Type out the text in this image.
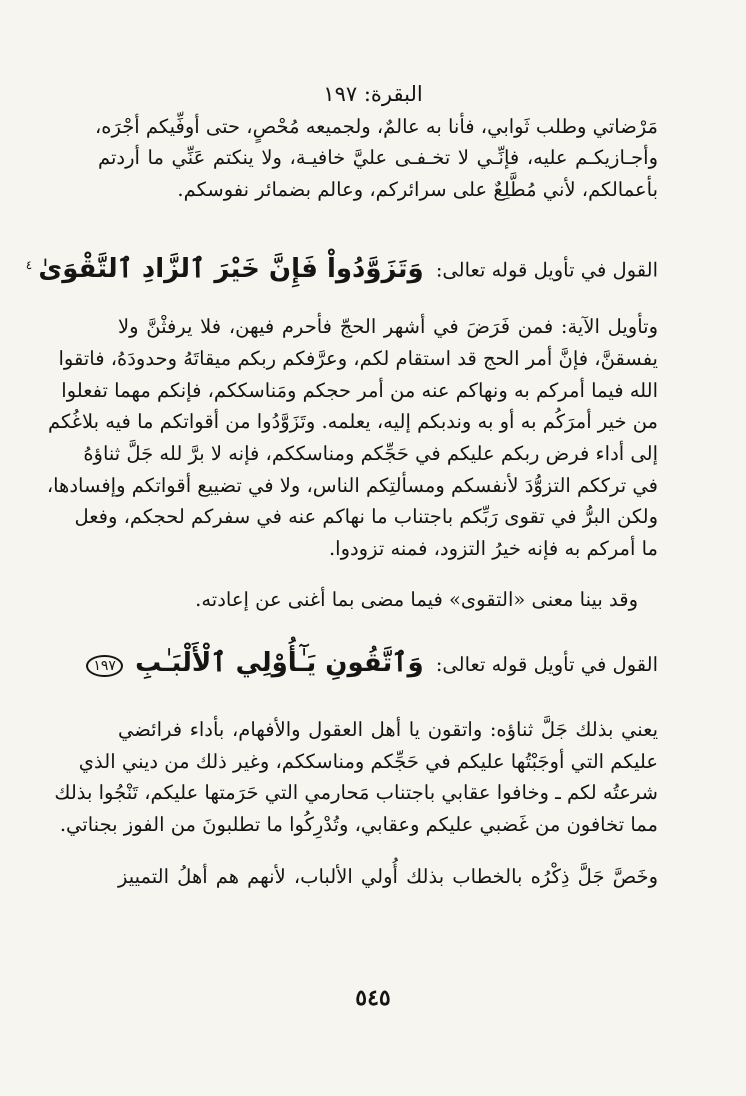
البقرة: ١٩٧
مَرْضاتي وطلب ثَوابي، فأنا به عالمٌ، ولجميعه مُحْصٍ، حتى أوفِّيكم أجْرَه،
وأجـازيكـم عليه، فإنِّـي لا تخـفـى عليَّ خافيـة، ولا ينكتم عَنِّي ما أردتم
بأعمالكم، لأني مُطَّلِعٌ على سرائركم، وعالم بضمائر نفوسكم.
القول في تأويل قوله تعالى: وَتَزَوَّدُواْ فَإِنَّ خَيْرَ ٱلزَّادِ ٱلتَّقْوَىٰ $^٤$
وتأويل الآية: فمن فَرَضَ في أشهر الحجّ فأحرم فيهن، فلا يرفثْنَّ ولا
يفسقنَّ، فإنَّ أمر الحج قد استقام لكم، وعرَّفكم ربكم ميقاتَهُ وحدودَهُ، فاتقوا
الله فيما أمركم به ونهاكم عنه من أمر حجكم ومَناسككم، فإنكم مهما تفعلوا
من خير أمرَكُم به أو به وندبكم إليه، يعلمه. وتَزَوَّدُوا من أقواتكم ما فيه بلاغُكم
إلى أداء فرض ربكم عليكم في حَجِّكم ومناسككم، فإنه لا برَّ لله جَلَّ ثناؤهُ
في ترككم التزوُّدَ لأنفسكم ومسألتِكم الناس، ولا في تضييع أقواتكم وإفسادها،
ولكن البرُّ في تقوى رَبِّكم باجتناب ما نهاكم عنه في سفركم لحجكم، وفعل
ما أمركم به فإنه خيرُ التزود، فمنه تزودوا.
وقد بينا معنى «التقوى» فيما مضى بما أغنى عن إعادته.
القول في تأويل قوله تعالى: وَٱتَّقُونِ يَـٰٓأُوْلِي ٱلْأَلْبَـٰبِ ١٩٧
يعني بذلك جَلَّ ثناؤه: واتقون يا أهل العقول والأفهام، بأداء فرائضي
عليكم التي أوجَبْتُها عليكم في حَجِّكم ومناسككم، وغير ذلك من ديني الذي
شرعتُه لكم ـ وخافوا عقابي باجتناب مَحارمي التي حَرَمتها عليكم، تَنْجُوا بذلك
مما تخافون من غَضبي عليكم وعقابي، وتُدْرِكُوا ما تطلبونَ من الفوز بجناتي.
وخَصَّ جَلَّ ذِكْرُه بالخطاب بذلك أُولي الألباب، لأنهم هم أهلُ التمييز
٥٤٥
